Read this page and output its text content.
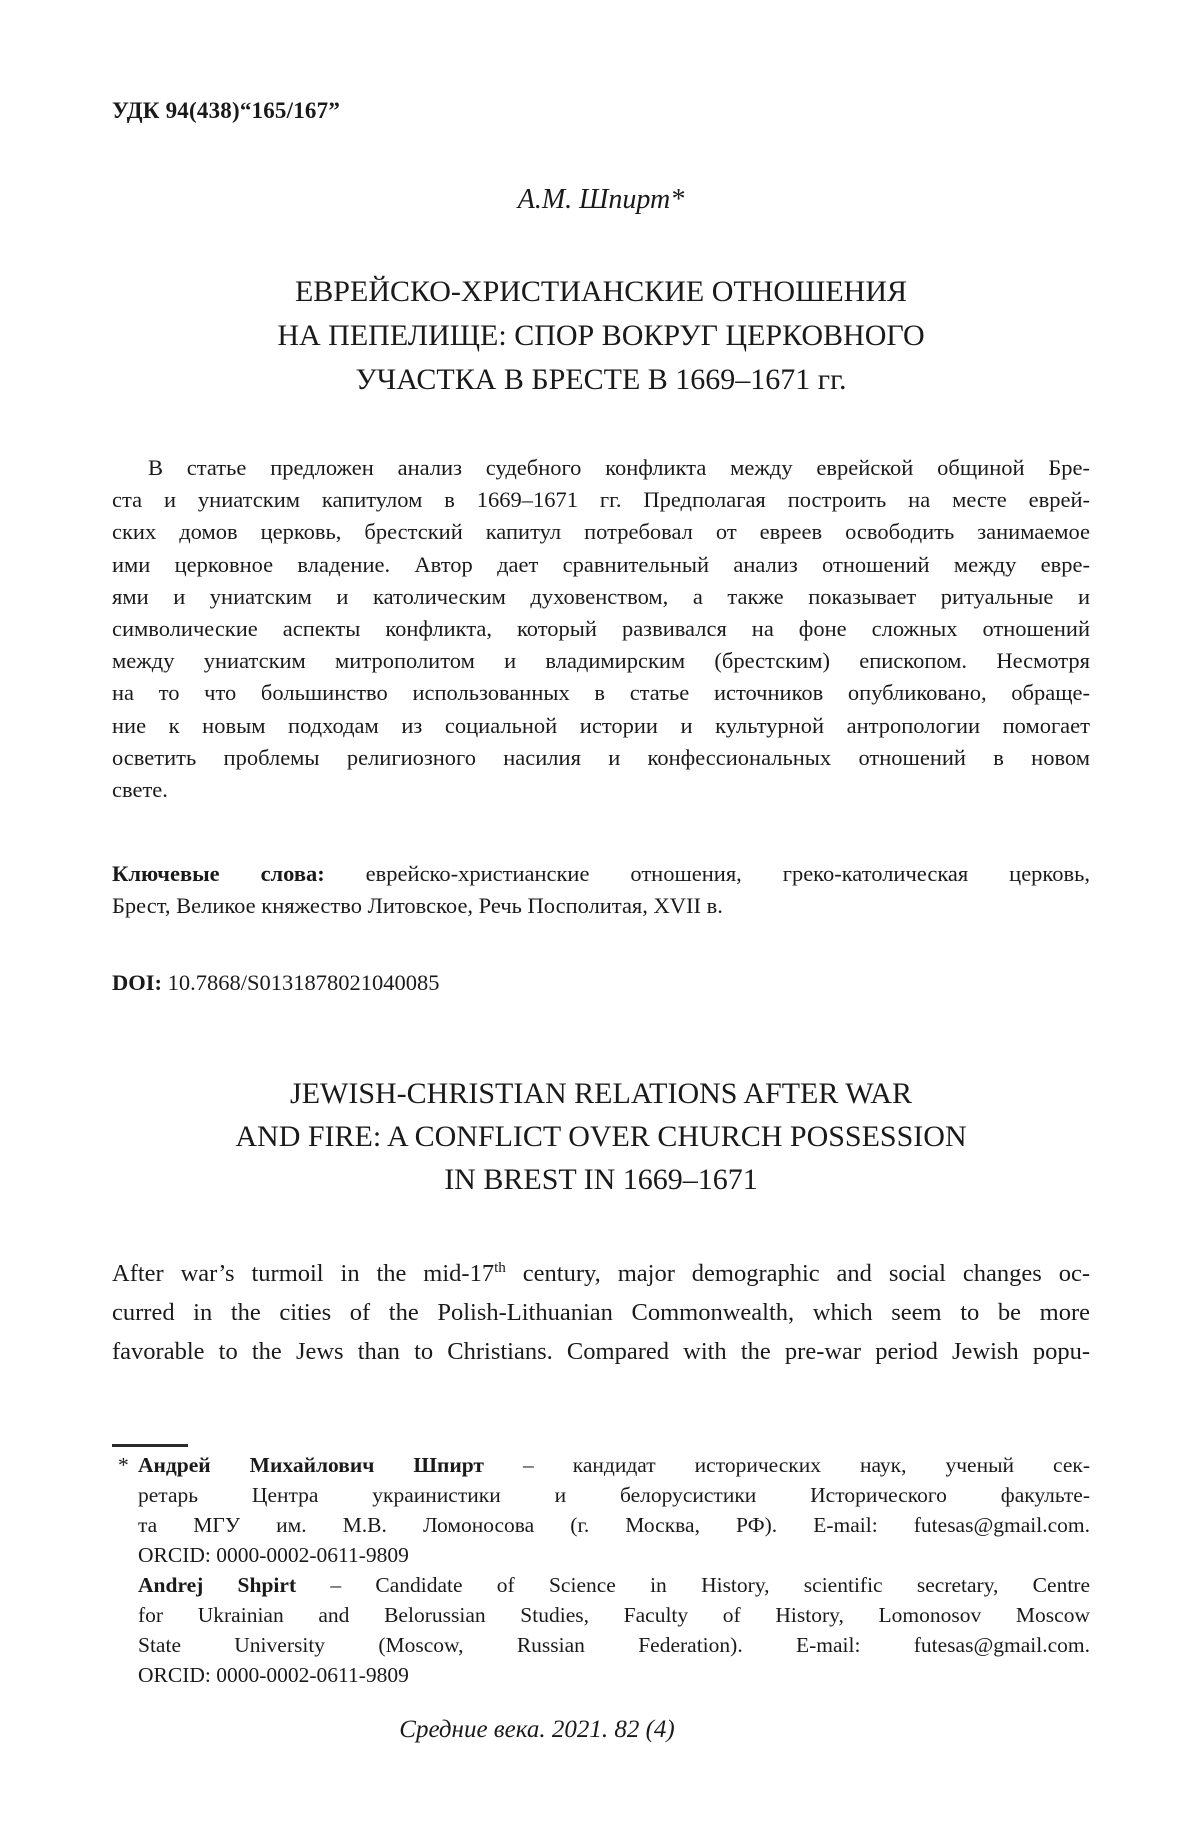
УДК 94(438)“165/167”
А.М. Шпирт*
ЕВРЕЙСКО-ХРИСТИАНСКИЕ ОТНОШЕНИЯ
НА ПЕПЕЛИЩЕ: СПОР ВОКРУГ ЦЕРКОВНОГО
УЧАСТКА В БРЕСТЕ В 1669–1671 гг.
В статье предложен анализ судебного конфликта между еврейской общиной Бре-
ста и униатским капитулом в 1669–1671 гг. Предполагая построить на месте еврей-
ских домов церковь, брестский капитул потребовал от евреев освободить занимаемое
ими церковное владение. Автор дает сравнительный анализ отношений между евре-
ями и униатским и католическим духовенством, а также показывает ритуальные и
символические аспекты конфликта, который развивался на фоне сложных отношений
между униатским митрополитом и владимирским (брестским) епископом. Несмотря
на то что большинство использованных в статье источников опубликовано, обраще-
ние к новым подходам из социальной истории и культурной антропологии помогает
осветить проблемы религиозного насилия и конфессиональных отношений в новом
свете.
Ключевые слова: еврейско-христианские отношения, греко-католическая церковь,
Брест, Великое княжество Литовское, Речь Посполитая, XVII в.
DOI: 10.7868/S0131878021040085
JEWISH-CHRISTIAN RELATIONS AFTER WAR
AND FIRE: A CONFLICT OVER CHURCH POSSESSION
IN BREST IN 1669–1671
After war’s turmoil in the mid-17th century, major demographic and social changes oc-
curred in the cities of the Polish-Lithuanian Commonwealth, which seem to be more
favorable to the Jews than to Christians. Compared with the pre-war period Jewish popu-
* Андрей Михайлович Шпирт – кандидат исторических наук, ученый сек-
ретарь Центра украинистики и белорусистики Исторического факульте-
та МГУ им. М.В. Ломоносова (г. Москва, РФ). E-mail: futesas@gmail.com.
ORCID: 0000-0002-0611-9809
Andrej Shpirt – Candidate of Science in History, scientific secretary, Centre
for Ukrainian and Belorussian Studies, Faculty of History, Lomonosov Moscow
State University (Moscow, Russian Federation). E-mail: futesas@gmail.com.
ORCID: 0000-0002-0611-9809
Средние века. 2021. 82 (4)
